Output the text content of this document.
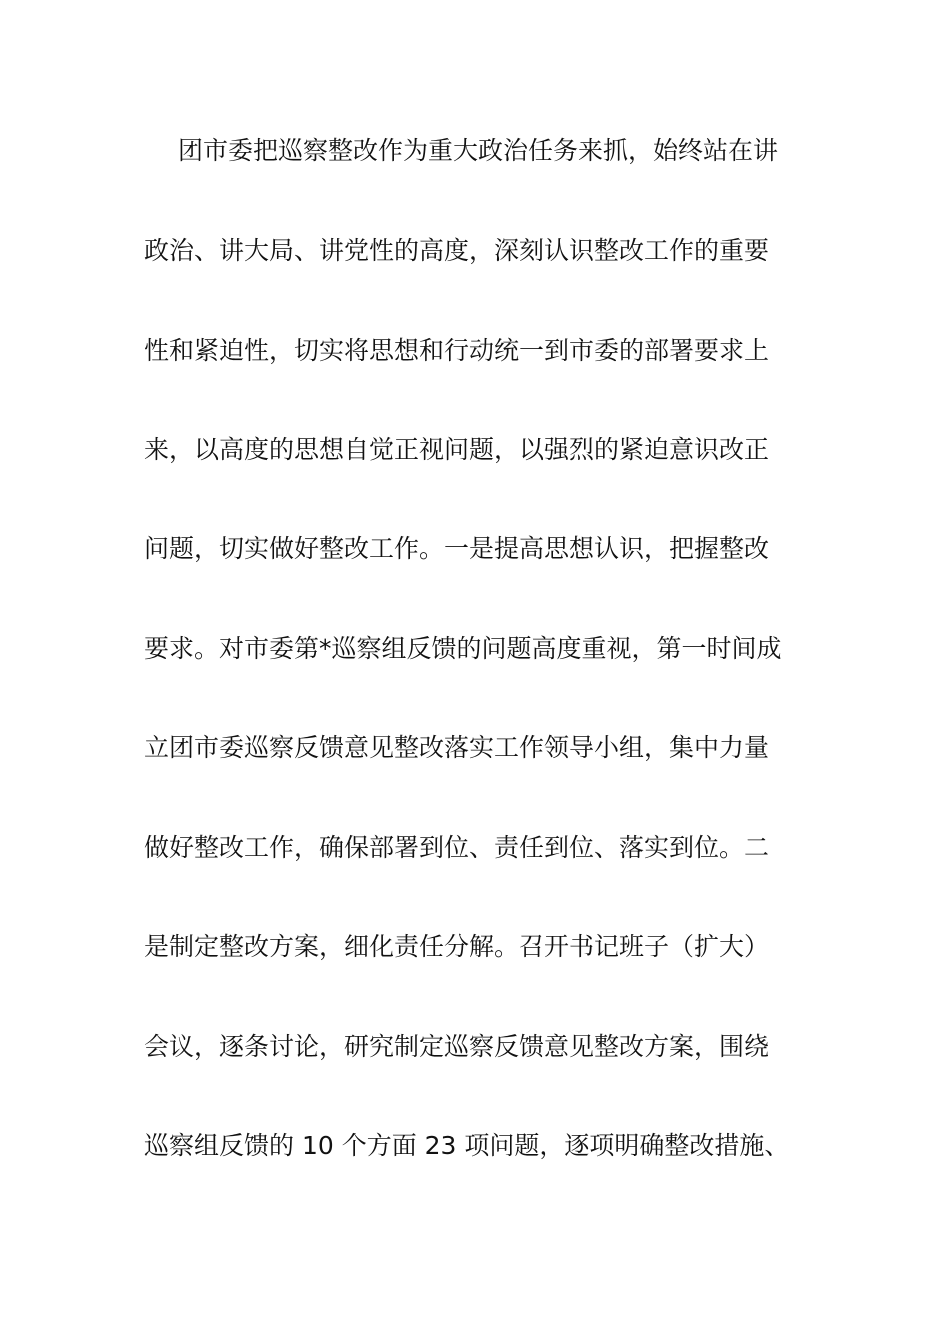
团市委把巡察整改作为重大政治任务来抓，始终站在讲
政治、讲大局、讲党性的高度，深刻认识整改工作的重要
性和紧迫性，切实将思想和行动统一到市委的部署要求上
来，以高度的思想自觉正视问题，以强烈的紧迫意识改正
问题，切实做好整改工作。一是提高思想认识，把握整改
要求。对市委第*巡察组反馈的问题高度重视，第一时间成
立团市委巡察反馈意见整改落实工作领导小组，集中力量
做好整改工作，确保部署到位、责任到位、落实到位。二
是制定整改方案，细化责任分解。召开书记班子（扩大）
会议，逐条讨论，研究制定巡察反馈意见整改方案，围绕
巡察组反馈的 10 个方面 23 项问题，逐项明确整改措施、
